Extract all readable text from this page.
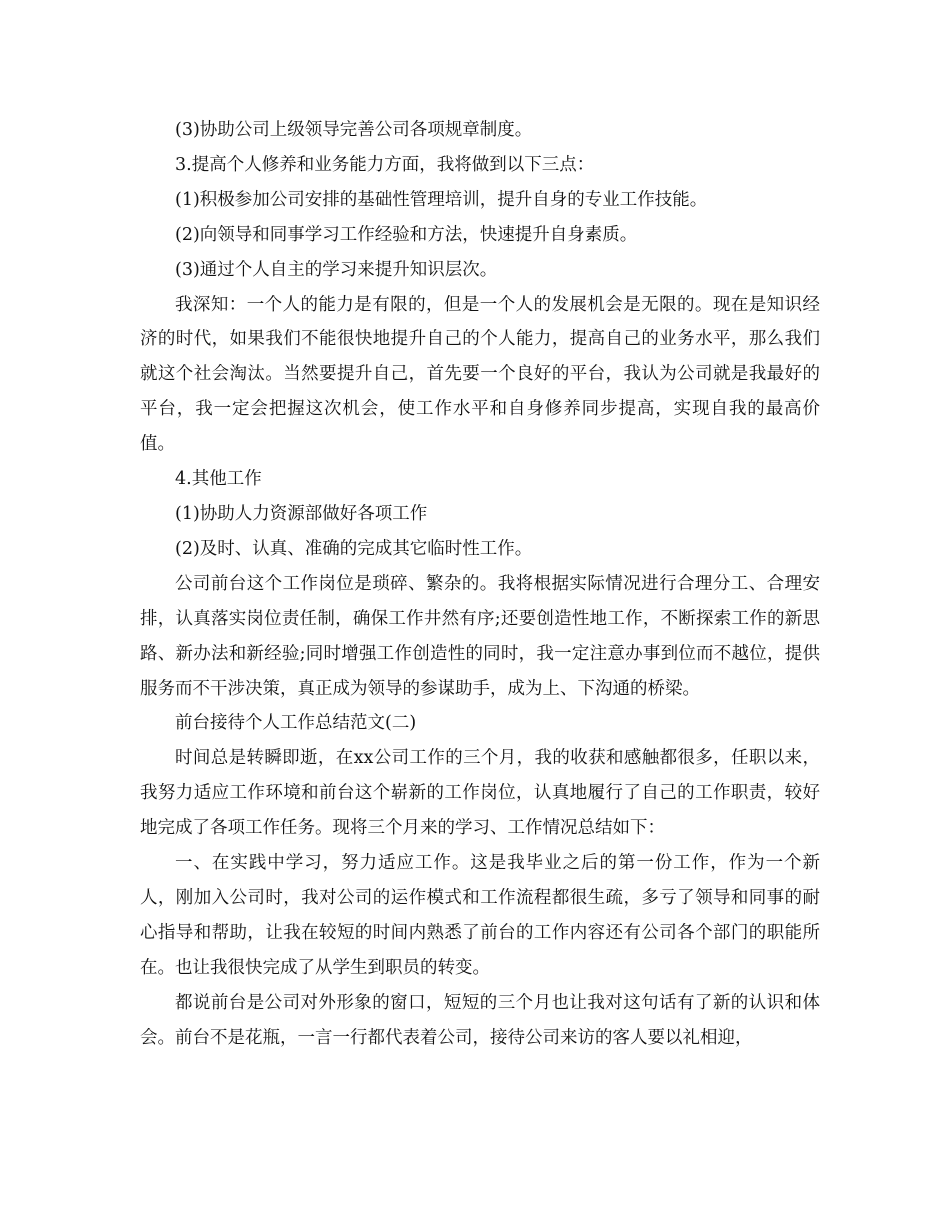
(3)协助公司上级领导完善公司各项规章制度。

3.提高个人修养和业务能力方面，我将做到以下三点：

(1)积极参加公司安排的基础性管理培训，提升自身的专业工作技能。

(2)向领导和同事学习工作经验和方法，快速提升自身素质。

(3)通过个人自主的学习来提升知识层次。

我深知：一个人的能力是有限的，但是一个人的发展机会是无限的。现在是知识经济的时代，如果我们不能很快地提升自己的个人能力，提高自己的业务水平，那么我们就这个社会淘汰。当然要提升自己，首先要一个良好的平台，我认为公司就是我最好的平台，我一定会把握这次机会，使工作水平和自身修养同步提高，实现自我的最高价值。

4.其他工作

(1)协助人力资源部做好各项工作

(2)及时、认真、准确的完成其它临时性工作。

公司前台这个工作岗位是琐碎、繁杂的。我将根据实际情况进行合理分工、合理安排，认真落实岗位责任制，确保工作井然有序;还要创造性地工作，不断探索工作的新思路、新办法和新经验;同时增强工作创造性的同时，我一定注意办事到位而不越位，提供服务而不干涉决策，真正成为领导的参谋助手，成为上、下沟通的桥梁。

前台接待个人工作总结范文(二)

时间总是转瞬即逝，在xx公司工作的三个月，我的收获和感触都很多，任职以来，我努力适应工作环境和前台这个崭新的工作岗位，认真地履行了自己的工作职责，较好地完成了各项工作任务。现将三个月来的学习、工作情况总结如下：

一、在实践中学习，努力适应工作。这是我毕业之后的第一份工作，作为一个新人，刚加入公司时，我对公司的运作模式和工作流程都很生疏，多亏了领导和同事的耐心指导和帮助，让我在较短的时间内熟悉了前台的工作内容还有公司各个部门的职能所在。也让我很快完成了从学生到职员的转变。

都说前台是公司对外形象的窗口，短短的三个月也让我对这句话有了新的认识和体会。前台不是花瓶，一言一行都代表着公司，接待公司来访的客人要以礼相迎，
